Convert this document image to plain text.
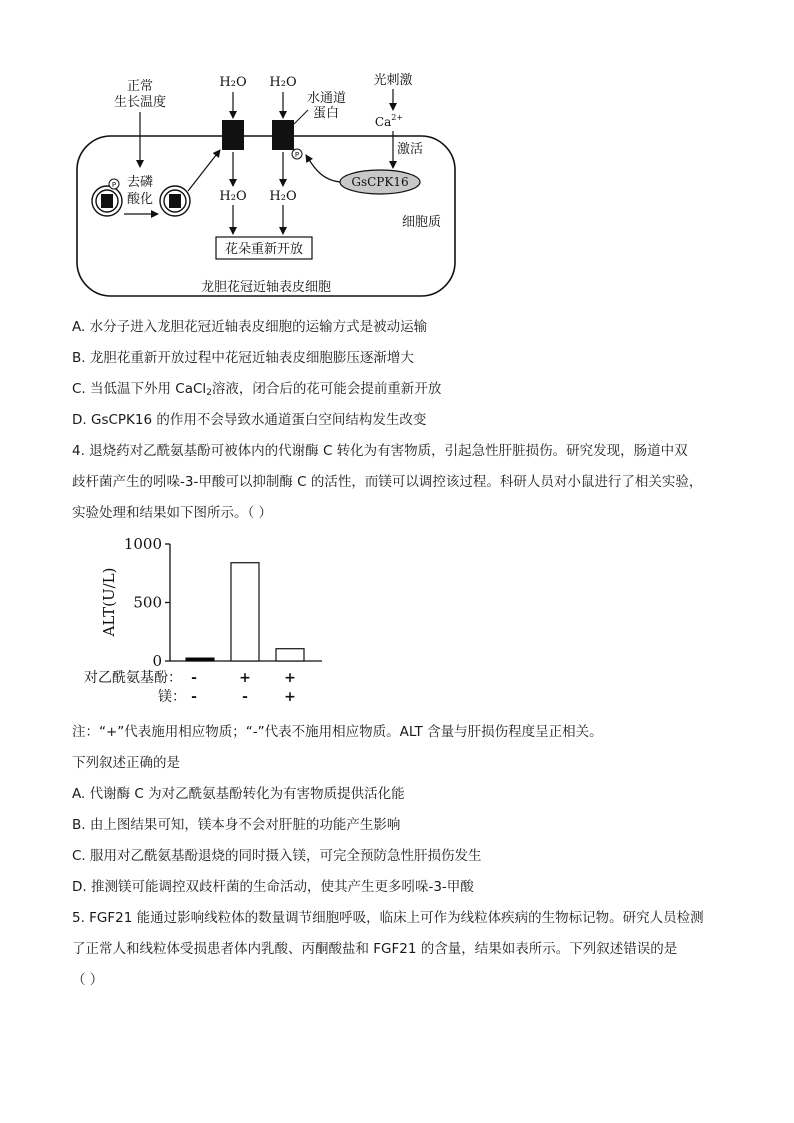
正常
生长温度
去磷
酸化
P
H₂O H₂O
水通道
蛋白
P
H₂O H₂O
花朵重新开放
光刺激
$Ca^{2+}$
激活
GsCPK16
细胞质
龙胆花冠近轴表皮细胞
A. 水分子进入龙胆花冠近轴表皮细胞的运输方式是被动运输
B. 龙胆花重新开放过程中花冠近轴表皮细胞膨压逐渐增大
C. 当低温下外用 CaCl$_2$溶液，闭合后的花可能会提前重新开放
D. GsCPK16 的作用不会导致水通道蛋白空间结构发生改变
4. 退烧药对乙酰氨基酚可被体内的代谢酶 C 转化为有害物质，引起急性肝脏损伤。研究发现，肠道中双
歧杆菌产生的吲哚-3-甲酸可以抑制酶 C 的活性，而镁可以调控该过程。科研人员对小鼠进行了相关实验，
实验处理和结果如下图所示。（ ）
ALT(U/L)
0
500
1000
对乙酰氨基酚： -	+ +
镁： -	-	+
注：“+”代表施用相应物质；“-”代表不施用相应物质。ALT 含量与肝损伤程度呈正相关。
下列叙述正确的是
A. 代谢酶 C 为对乙酰氨基酚转化为有害物质提供活化能
B. 由上图结果可知，镁本身不会对肝脏的功能产生影响
C. 服用对乙酰氨基酚退烧的同时摄入镁，可完全预防急性肝损伤发生
D. 推测镁可能调控双歧杆菌的生命活动，使其产生更多吲哚-3-甲酸
5. FGF21 能通过影响线粒体的数量调节细胞呼吸，临床上可作为线粒体疾病的生物标记物。研究人员检测
了正常人和线粒体受损患者体内乳酸、丙酮酸盐和 FGF21 的含量，结果如表所示。下列叙述错误的是
（ ）
